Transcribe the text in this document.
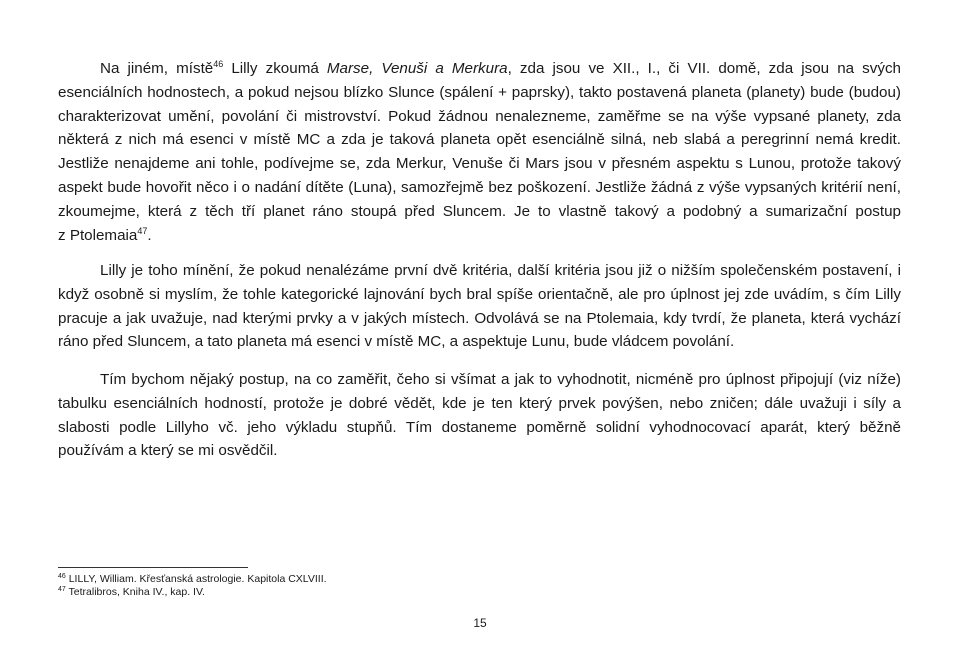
Na jiném, místě$^{46}$ Lilly zkoumá Marse, Venuši a Merkura, zda jsou ve XII., I., či VII. domě, zda jsou na svých
esenciálních hodnostech, a pokud nejsou blízko Slunce (spálení + paprsky), takto postavená planeta (planety) bude (budou)
charakterizovat umění, povolání či mistrovství. Pokud žádnou nenalezneme, zaměřme se na výše vypsané planety, zda
některá z nich má esenci v místě MC a zda je taková planeta opět esenciálně silná, neb slabá a peregrinní nemá kredit.
Jestliže nenajdeme ani tohle, podívejme se, zda Merkur, Venuše či Mars jsou v přesném aspektu s Lunou, protože takový
aspekt bude hovořit něco i o nadání dítěte (Luna), samozřejmě bez poškození. Jestliže žádná z výše vypsaných kritérií není,
zkoumejme, která z těch tří planet ráno stoupá před Sluncem. Je to vlastně takový a podobný a sumarizační postup
z Ptolemaia$^{47}$.
Lilly je toho mínění, že pokud nenalézáme první dvě kritéria, další kritéria jsou již o nižším společenském postavení, i
když osobně si myslím, že tohle kategorické lajnování bych bral spíše orientačně, ale pro úplnost jej zde uvádím, s čím Lilly
pracuje a jak uvažuje, nad kterými prvky a v jakých místech. Odvolává se na Ptolemaia, kdy tvrdí, že planeta, která vychází
ráno před Sluncem, a tato planeta má esenci v místě MC, a aspektuje Lunu, bude vládcem povolání.
Tím bychom nějaký postup, na co zaměřit, čeho si všímat a jak to vyhodnotit, nicméně pro úplnost připojují (viz níže)
tabulku esenciálních hodností, protože je dobré vědět, kde je ten který prvek povýšen, nebo zničen; dále uvažuji i síly a
slabosti podle Lillyho vč. jeho výkladu stupňů. Tím dostaneme poměrně solidní vyhodnocovací aparát, který běžně
používám a který se mi osvědčil.
$^{46}$ LILLY, William. Křesťanská astrologie. Kapitola CXLVIII.
$^{47}$ Tetralibros, Kniha IV., kap. IV.
15
